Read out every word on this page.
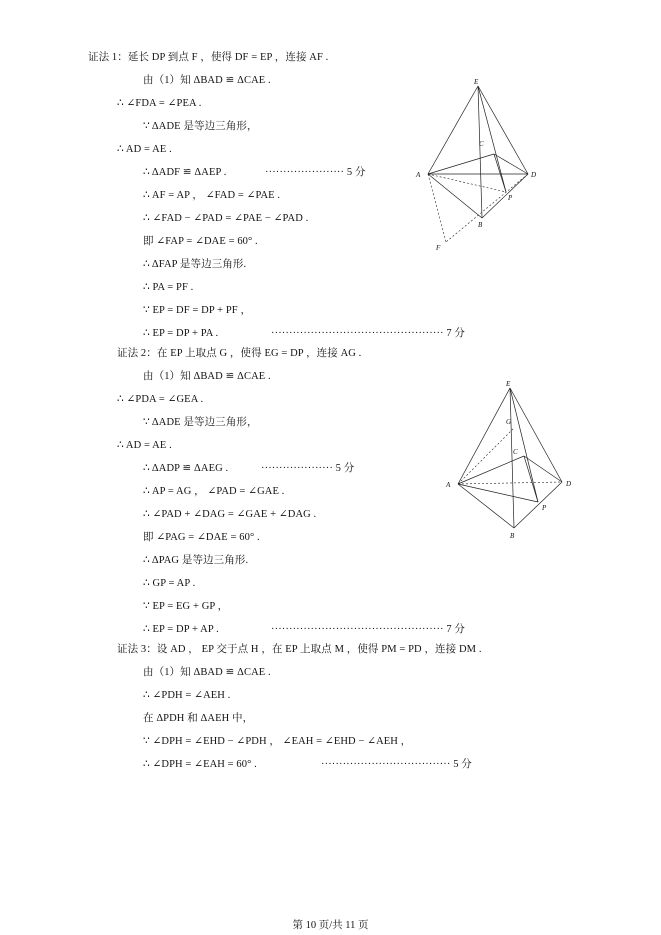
证法 1：延长 DP 到点 F ，使得 DF = EP ，连接 AF .
由（1）知 ΔBAD ≌ ΔCAE .
∴ ∠FDA = ∠PEA .
∵ ΔADE 是等边三角形，
∴ AD = AE .
∴ ΔADF ≌ ΔAEP .	······················ 5 分
∴ AF = AP ， ∠FAD = ∠PAE .
∴ ∠FAD − ∠PAD = ∠PAE − ∠PAD .
即 ∠FAP = ∠DAE = 60° .
∴ ΔFAP 是等边三角形.
∴ PA = PF .
∵ EP = DF = DP + PF ，
∴ EP = DP + PA .	················································ 7 分
E
C
A	D
P
B
F
证法 2：在 EP 上取点 G ，使得 EG = DP ，连接 AG .
由（1）知 ΔBAD ≌ ΔCAE .
∴ ∠PDA = ∠GEA .
∵ ΔADE 是等边三角形，
∴ AD = AE .
∴ ΔADP ≌ ΔAEG .	···················· 5 分
∴ AP = AG ， ∠PAD = ∠GAE .
∴ ∠PAD + ∠DAG = ∠GAE + ∠DAG .
即 ∠PAG = ∠DAE = 60° .
∴ ΔPAG 是等边三角形.
∴ GP = AP .
∵ EP = EG + GP ，
∴ EP = DP + AP .	················································ 7 分
E
G
C
A	D
P
B
证法 3：设 AD ， EP 交于点 H ，在 EP 上取点 M ，使得 PM = PD ，连接 DM .
由（1）知 ΔBAD ≌ ΔCAE .
∴ ∠PDH = ∠AEH .
在 ΔPDH 和 ΔAEH 中，
∵ ∠DPH = ∠EHD − ∠PDH ， ∠EAH = ∠EHD − ∠AEH ，
∴ ∠DPH = ∠EAH = 60° .	···································· 5 分
第 10 页/共 11 页
